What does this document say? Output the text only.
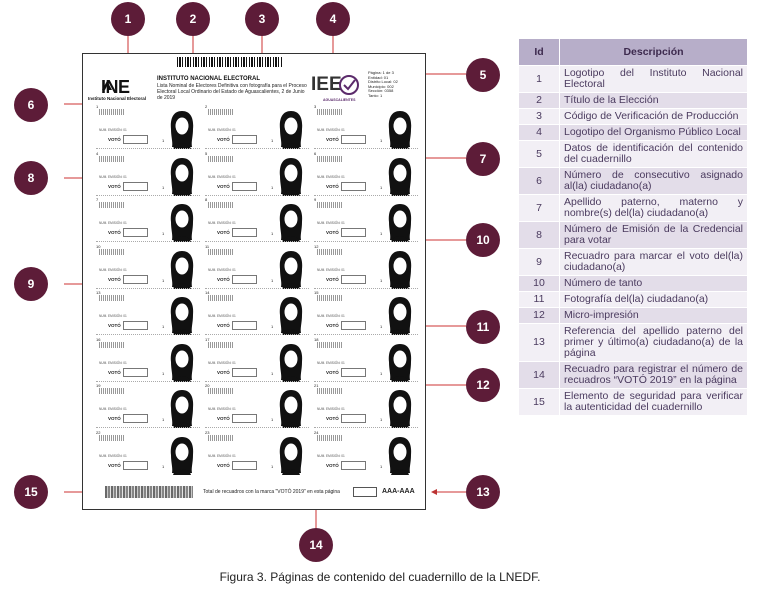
INE
Instituto Nacional Electoral
INSTITUTO NACIONAL ELECTORAL
Lista Nominal de Electores Definitiva con fotografía para el Proceso Electoral Local Ordinario del Estado de Aguascalientes, 2 de Junio de 2019
IEE
AGUASCALIENTES
Página: 1 de 3
Entidad: 01
Distrito Local: 02
Municipio: 002
Sección: 0358
Tanto: 1
1
NUM. EMISIÓN: 01
VOTÓ	1
2
NUM. EMISIÓN: 01
VOTÓ	1
3
NUM. EMISIÓN: 01
VOTÓ	1
4
NUM. EMISIÓN: 01
VOTÓ	1
5
NUM. EMISIÓN: 01
VOTÓ	1
6
NUM. EMISIÓN: 01
VOTÓ	1
7
NUM. EMISIÓN: 01
VOTÓ	1
8
NUM. EMISIÓN: 01
VOTÓ	1
9
NUM. EMISIÓN: 01
VOTÓ	1
10
NUM. EMISIÓN: 01
VOTÓ	1
11
NUM. EMISIÓN: 01
VOTÓ	1
12
NUM. EMISIÓN: 01
VOTÓ	1
13
NUM. EMISIÓN: 01
VOTÓ	1
14
NUM. EMISIÓN: 01
VOTÓ	1
15
NUM. EMISIÓN: 01
VOTÓ	1
16
NUM. EMISIÓN: 01
VOTÓ	1
17
NUM. EMISIÓN: 01
VOTÓ	1
18
NUM. EMISIÓN: 01
VOTÓ	1
19
NUM. EMISIÓN: 01
VOTÓ	1
20
NUM. EMISIÓN: 01
VOTÓ	1
21
NUM. EMISIÓN: 01
VOTÓ	1
22
NUM. EMISIÓN: 01
VOTÓ	1
23
NUM. EMISIÓN: 01
VOTÓ	1
24
NUM. EMISIÓN: 01
VOTÓ	1
Total de recuadros con la marca "VOTÓ 2019" en esta página	AAA-AAA
1	2	3	4
5
6
7
8
9
10
11
12
13
14
15
Id	Descripción
1	Logotipo del Instituto Nacional Electoral
2	Título de la Elección
3	Código de Verificación de Producción
4	Logotipo del Organismo Público Local
5	Datos de identificación del contenido del cuadernillo
6	Número de consecutivo asignado al(la) ciudadano(a)
7	Apellido paterno, materno y nombre(s) del(la) ciudadano(a)
8	Número de Emisión de la Credencial para votar
9	Recuadro para marcar el voto del(la) ciudadano(a)
10	Número de tanto
11	Fotografía del(la) ciudadano(a)
12	Micro-impresión
13	Referencia del apellido paterno del primer y último(a) ciudadano(a) de la página
14	Recuadro para registrar el número de recuadros “VOTÓ 2019” en la página
15	Elemento de seguridad para verificar la autenticidad del cuadernillo
Figura 3. Páginas de contenido del cuadernillo de la LNEDF.
